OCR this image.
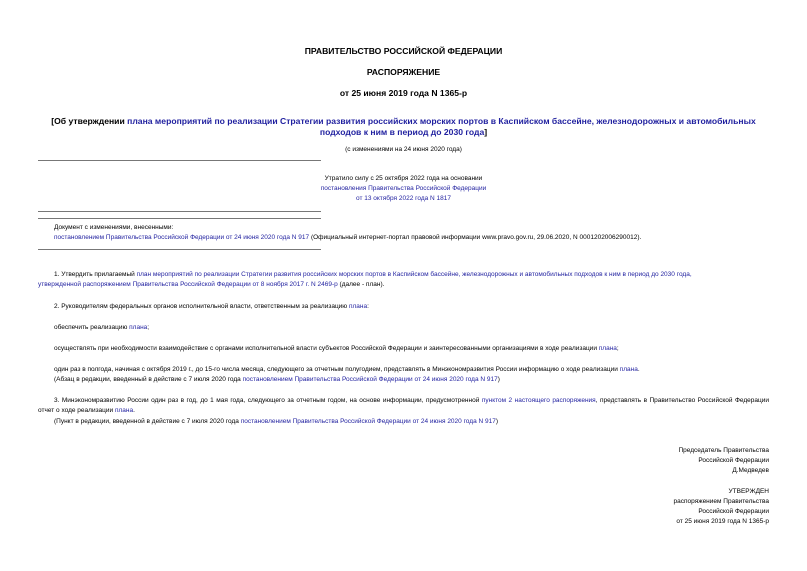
ПРАВИТЕЛЬСТВО РОССИЙСКОЙ ФЕДЕРАЦИИ
РАСПОРЯЖЕНИЕ
от 25 июня 2019 года N 1365-р
[Об утверждении плана мероприятий по реализации Стратегии развития российских морских портов в Каспийском бассейне, железнодорожных и автомобильных подходов к ним в период до 2030 года]
(с изменениями на 24 июня 2020 года)
Утратило силу с 25 октября 2022 года на основании
постановления Правительства Российской Федерации
от 13 октября 2022 года N 1817
Документ с изменениями, внесенными:
постановлением Правительства Российской Федерации от 24 июня 2020 года N 917 (Официальный интернет-портал правовой информации www.pravo.gov.ru, 29.06.2020, N 0001202006290012).
1. Утвердить прилагаемый план мероприятий по реализации Стратегии развития российских морских портов в Каспийском бассейне, железнодорожных и автомобильных подходов к ним в период до 2030 года,
утвержденной распоряжением Правительства Российской Федерации от 8 ноября 2017 г. N 2469-р (далее - план).
2. Руководителям федеральных органов исполнительной власти, ответственным за реализацию плана:
обеспечить реализацию плана;
осуществлять при необходимости взаимодействие с органами исполнительной власти субъектов Российской Федерации и заинтересованными организациями в ходе реализации плана;
один раз в полгода, начиная с октября 2019 г., до 15-го числа месяца, следующего за отчетным полугодием, представлять в Минэкономразвития России информацию о ходе реализации плана.
(Абзац в редакции, введенный в действие с 7 июля 2020 года постановлением Правительства Российской Федерации от 24 июня 2020 года N 917)
3. Минэкономразвитию России один раз в год, до 1 мая года, следующего за отчетным годом, на основе информации, предусмотренной пунктом 2 настоящего распоряжения, представлять в Правительство Российской Федерации отчет о ходе реализации плана.
(Пункт в редакции, введенной в действие с 7 июля 2020 года постановлением Правительства Российской Федерации от 24 июня 2020 года N 917)
Председатель Правительства
Российской Федерации
Д.Медведев
УТВЕРЖДЕН
распоряжением Правительства
Российской Федерации
от 25 июня 2019 года N 1365-р
